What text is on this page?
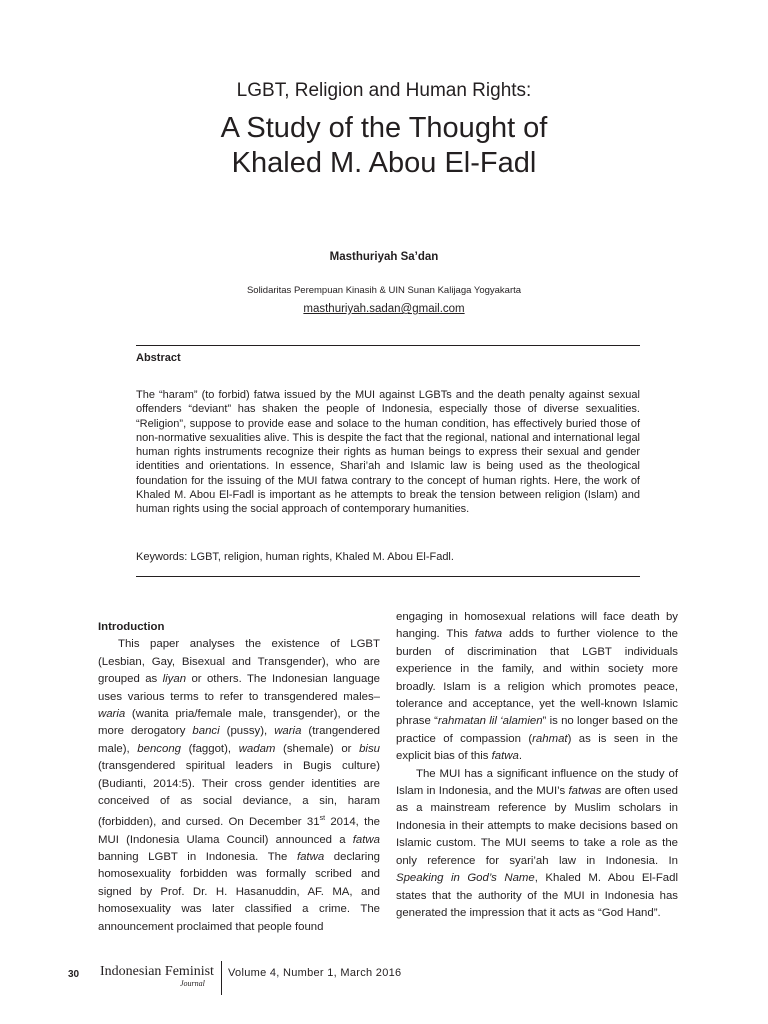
LGBT, Religion and Human Rights:
A Study of the Thought of
Khaled M. Abou El-Fadl
Masthuriyah Sa’dan
Solidaritas Perempuan Kinasih & UIN Sunan Kalijaga Yogyakarta
masthuriyah.sadan@gmail.com
Abstract

The “haram” (to forbid) fatwa issued by the MUI against LGBTs and the death penalty against sexual offenders “deviant” has shaken the people of Indonesia, especially those of diverse sexualities. “Religion”, suppose to provide ease and solace to the human condition, has effectively buried those of non-normative sexualities alive. This is despite the fact that the regional, national and international legal human rights instruments recognize their rights as human beings to express their sexual and gender identities and orientations. In essence, Shari’ah and Islamic law is being used as the theological foundation for the issuing of the MUI fatwa contrary to the concept of human rights. Here, the work of Khaled M. Abou El-Fadl is important as he attempts to break the tension between religion (Islam) and human rights using the social approach of contemporary humanities.

Keywords: LGBT, religion, human rights, Khaled M. Abou El-Fadl.
Introduction

This paper analyses the existence of LGBT (Lesbian, Gay, Bisexual and Transgender), who are grouped as liyan or others. The Indonesian language uses various terms to refer to transgendered males–waria (wanita pria/female male, transgender), or the more derogatory banci (pussy), waria (trangendered male), bencong (faggot), wadam (shemale) or bisu (transgendered spiritual leaders in Bugis culture) (Budianti, 2014:5). Their cross gender identities are conceived of as social deviance, a sin, haram (forbidden), and cursed. On December 31st 2014, the MUI (Indonesia Ulama Council) announced a fatwa banning LGBT in Indonesia. The fatwa declaring homosexuality forbidden was formally scribed and signed by Prof. Dr. H. Hasanuddin, AF. MA, and homosexuality was later classified a crime. The announcement proclaimed that people found

engaging in homosexual relations will face death by hanging. This fatwa adds to further violence to the burden of discrimination that LGBT individuals experience in the family, and within society more broadly. Islam is a religion which promotes peace, tolerance and acceptance, yet the well-known Islamic phrase “rahmatan lil ‘alamien” is no longer based on the practice of compassion (rahmat) as is seen in the explicit bias of this fatwa.

The MUI has a significant influence on the study of Islam in Indonesia, and the MUI’s fatwas are often used as a mainstream reference by Muslim scholars in Indonesia in their attempts to make decisions based on Islamic custom. The MUI seems to take a role as the only reference for syari’ah law in Indonesia. In Speaking in God’s Name, Khaled M. Abou El-Fadl states that the authority of the MUI in Indonesia has generated the impression that it acts as “God Hand”.

30 Indonesian Feminist
Journal
Volume 4, Number 1, March 2016
